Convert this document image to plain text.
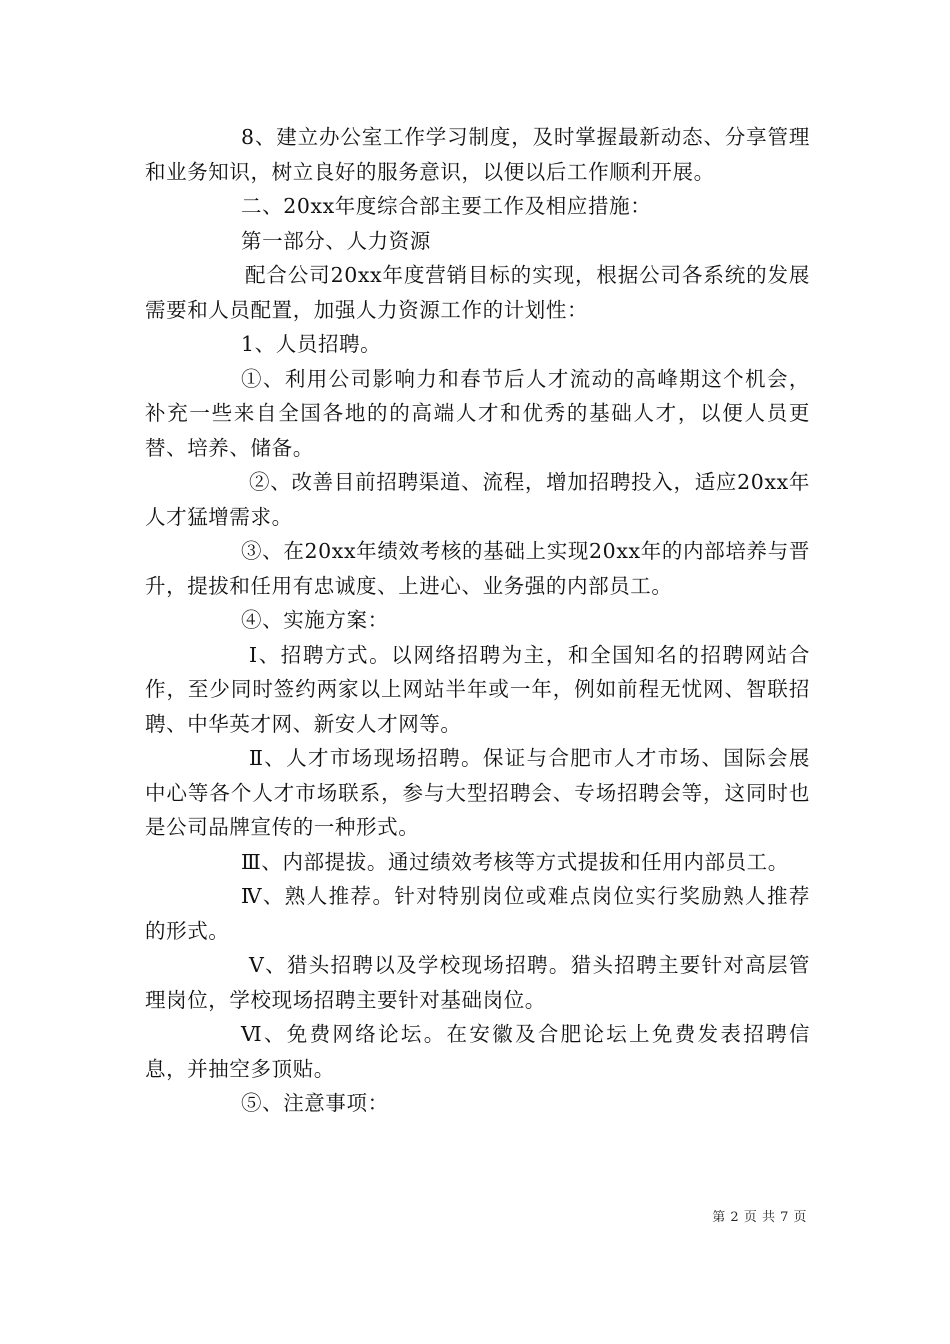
8、建立办公室工作学习制度，及时掌握最新动态、分享管理和业务知识，树立良好的服务意识，以便以后工作顺利开展。

二、20xx年度综合部主要工作及相应措施：

第一部分、人力资源

配合公司20xx年度营销目标的实现，根据公司各系统的发展需要和人员配置，加强人力资源工作的计划性：

1、人员招聘。

①、利用公司影响力和春节后人才流动的高峰期这个机会，补充一些来自全国各地的的高端人才和优秀的基础人才，以便人员更替、培养、储备。

②、改善目前招聘渠道、流程，增加招聘投入，适应20xx年人才猛增需求。

③、在20xx年绩效考核的基础上实现20xx年的内部培养与晋升，提拔和任用有忠诚度、上进心、业务强的内部员工。

④、实施方案：

Ⅰ、招聘方式。以网络招聘为主，和全国知名的招聘网站合作，至少同时签约两家以上网站半年或一年，例如前程无忧网、智联招聘、中华英才网、新安人才网等。

Ⅱ、人才市场现场招聘。保证与合肥市人才市场、国际会展中心等各个人才市场联系，参与大型招聘会、专场招聘会等，这同时也是公司品牌宣传的一种形式。

Ⅲ、内部提拔。通过绩效考核等方式提拔和任用内部员工。

Ⅳ、熟人推荐。针对特别岗位或难点岗位实行奖励熟人推荐的形式。

Ⅴ、猎头招聘以及学校现场招聘。猎头招聘主要针对高层管理岗位，学校现场招聘主要针对基础岗位。

Ⅵ、免费网络论坛。在安徽及合肥论坛上免费发表招聘信息，并抽空多顶贴。

⑤、注意事项：

第 2 页 共 7 页
